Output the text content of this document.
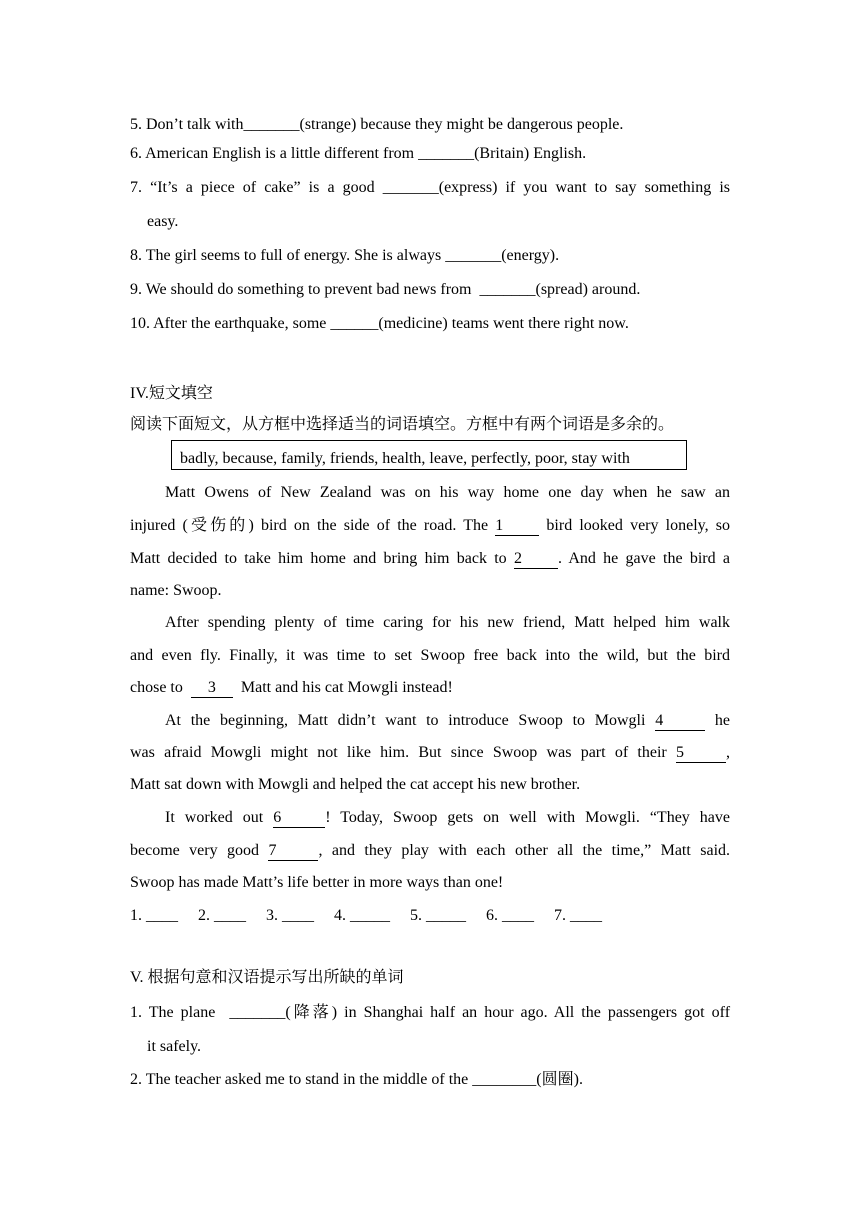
5. Don’t talk with_______(strange) because they might be dangerous people.
6. American English is a little different from _______(Britain) English.
7. “It’s a piece of cake” is a good _______(express) if you want to say something is
easy.
8. The girl seems to full of energy. She is always _______(energy).
9. We should do something to prevent bad news from _______(spread) around.
10. After the earthquake, some ______(medicine) teams went there right now.
IV.短文填空
阅读下面短文，从方框中选择适当的词语填空。方框中有两个词语是多余的。
badly, because, family, friends, health, leave, perfectly, poor, stay with
Matt Owens of New Zealand was on his way home one day when he saw an
injured (受伤的) bird on the side of the road. The 1	bird looked very lonely, so
Matt decided to take him home and bring him back to 2 . And he gave the bird a
name: Swoop.
After spending plenty of time caring for his new friend, Matt helped him walk
and even fly. Finally, it was time to set Swoop free back into the wild, but the bird
chose to 3 Matt and his cat Mowgli instead!
At the beginning, Matt didn’t want to introduce Swoop to Mowgli 4	he
was afraid Mowgli might not like him. But since Swoop was part of their 5	,
Matt sat down with Mowgli and helped the cat accept his new brother.
It worked out 6	! Today, Swoop gets on well with Mowgli. “They have
become very good 7	, and they play with each other all the time,” Matt said.
Swoop has made Matt’s life better in more ways than one!
1. ____ 2. ____ 3. ____ 4. _____ 5. _____ 6. ____ 7. ____
V. 根据句意和汉语提示写出所缺的单词
1. The plane _______(降落) in Shanghai half an hour ago. All the passengers got off
it safely.
2. The teacher asked me to stand in the middle of the ________(圆圈).
